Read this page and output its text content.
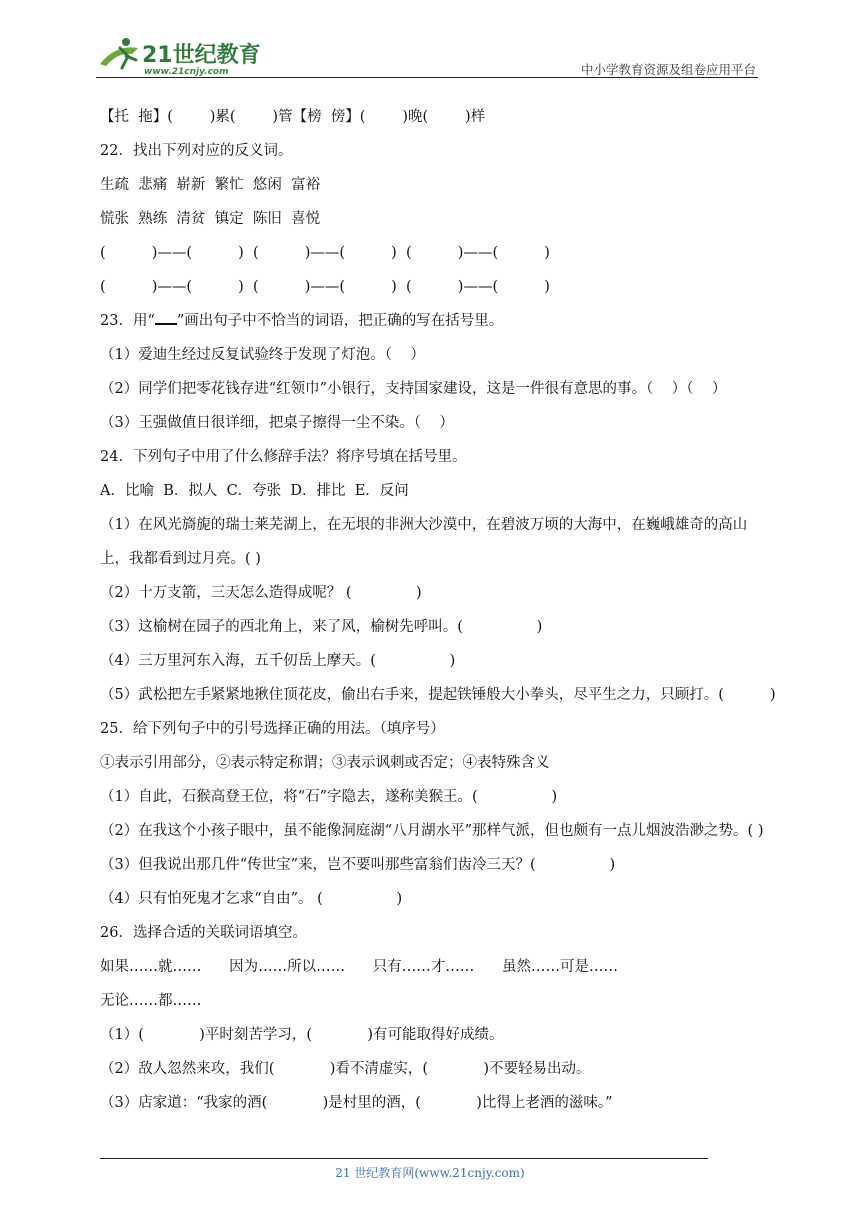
21世纪教育
www.21cnjy.com	中小学教育资源及组卷应用平台
【托  拖】(        )累(        )管【榜  傍】(        )晚(        )样
22．找出下列对应的反义词。
生疏  悲痛  崭新  繁忙  悠闲  富裕
慌张  熟练  清贫  镇定  陈旧  喜悦
(          )——(          )  (          )——(          )  (          )——(          )
(          )——(          )  (          )——(          )  (          )——(          )
23．用“ ”画出句子中不恰当的词语，把正确的写在括号里。
（1）爱迪生经过反复试验终于发现了灯泡。（    ）
（2）同学们把零花钱存进“红领巾”小银行，支持国家建设，这是一件很有意思的事。（    ）（    ）
（3）王强做值日很详细，把桌子擦得一尘不染。（    ）
24．下列句子中用了什么修辞手法？将序号填在括号里。
A．比喻  B．拟人  C．夸张  D．排比  E．反问
（1）在风光旖旎的瑞士莱芜湖上，在无垠的非洲大沙漠中，在碧波万顷的大海中，在巍峨雄奇的高山上，我都看到过月亮。( )
（2）十万支箭，三天怎么造得成呢？ (              )
（3）这榆树在园子的西北角上，来了风，榆树先呼叫。(                )
（4）三万里河东入海，五千仞岳上摩天。(                )
（5）武松把左手紧紧地揪住顶花皮，偷出右手来，提起铁锤般大小拳头，尽平生之力，只顾打。(          )
25．给下列句子中的引号选择正确的用法。（填序号）
①表示引用部分，②表示特定称谓；③表示讽刺或否定；④表特殊含义
（1）自此，石猴高登王位，将“石”字隐去，遂称美猴王。(                )
（2）在我这个小孩子眼中，虽不能像洞庭湖“八月湖水平”那样气派，但也颇有一点儿烟波浩渺之势。( )
（3）但我说出那几件“传世宝”来，岂不要叫那些富翁们齿冷三天？(                )
（4）只有怕死鬼才乞求“自由”。 (                )
26．选择合适的关联词语填空。
如果……就……      因为……所以……      只有……才……      虽然……可是……
无论……都……
（1）(            )平时刻苦学习，(            )有可能取得好成绩。
（2）敌人忽然来攻，我们(            )看不清虚实，(            )不要轻易出动。
（3）店家道：“我家的酒(            )是村里的酒，(            )比得上老酒的滋味。”
21 世纪教育网(www.21cnjy.com)
